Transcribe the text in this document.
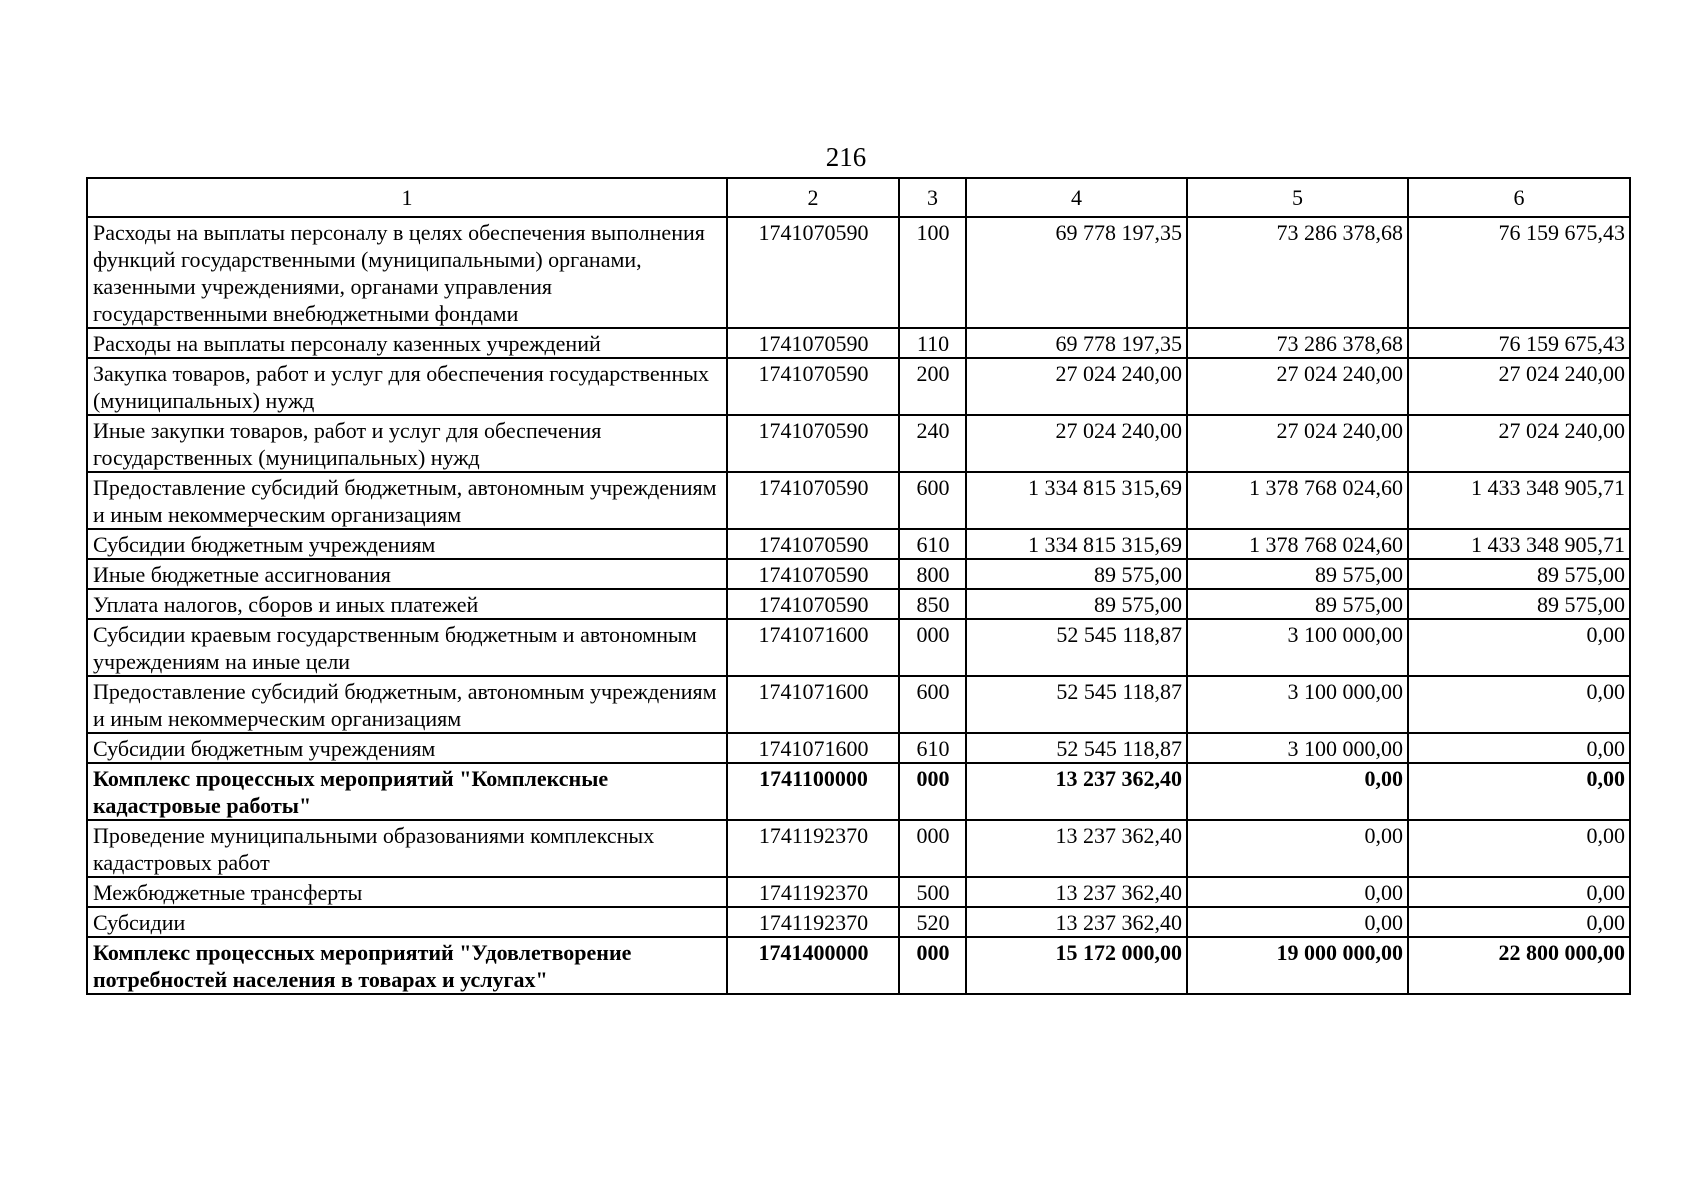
216
1	2	3	4	5	6
Расходы на выплаты персоналу в целях обеспечения выполнения функций государственными (муниципальными) органами, казенными учреждениями, органами управления государственными внебюджетными фондами	1741070590	100	69 778 197,35	73 286 378,68	76 159 675,43
Расходы на выплаты персоналу казенных учреждений	1741070590	110	69 778 197,35	73 286 378,68	76 159 675,43
Закупка товаров, работ и услуг для обеспечения государственных (муниципальных) нужд	1741070590	200	27 024 240,00	27 024 240,00	27 024 240,00
Иные закупки товаров, работ и услуг для обеспечения государственных (муниципальных) нужд	1741070590	240	27 024 240,00	27 024 240,00	27 024 240,00
Предоставление субсидий бюджетным, автономным учреждениям и иным некоммерческим организациям	1741070590	600	1 334 815 315,69	1 378 768 024,60	1 433 348 905,71
Субсидии бюджетным учреждениям	1741070590	610	1 334 815 315,69	1 378 768 024,60	1 433 348 905,71
Иные бюджетные ассигнования	1741070590	800	89 575,00	89 575,00	89 575,00
Уплата налогов, сборов и иных платежей	1741070590	850	89 575,00	89 575,00	89 575,00
Субсидии краевым государственным бюджетным и автономным учреждениям на иные цели	1741071600	000	52 545 118,87	3 100 000,00	0,00
Предоставление субсидий бюджетным, автономным учреждениям и иным некоммерческим организациям	1741071600	600	52 545 118,87	3 100 000,00	0,00
Субсидии бюджетным учреждениям	1741071600	610	52 545 118,87	3 100 000,00	0,00
Комплекс процессных мероприятий "Комплексные кадастровые работы"	1741100000	000	13 237 362,40	0,00	0,00
Проведение муниципальными образованиями комплексных кадастровых работ	1741192370	000	13 237 362,40	0,00	0,00
Межбюджетные трансферты	1741192370	500	13 237 362,40	0,00	0,00
Субсидии	1741192370	520	13 237 362,40	0,00	0,00
Комплекс процессных мероприятий "Удовлетворение потребностей населения в товарах и услугах"	1741400000	000	15 172 000,00	19 000 000,00	22 800 000,00
